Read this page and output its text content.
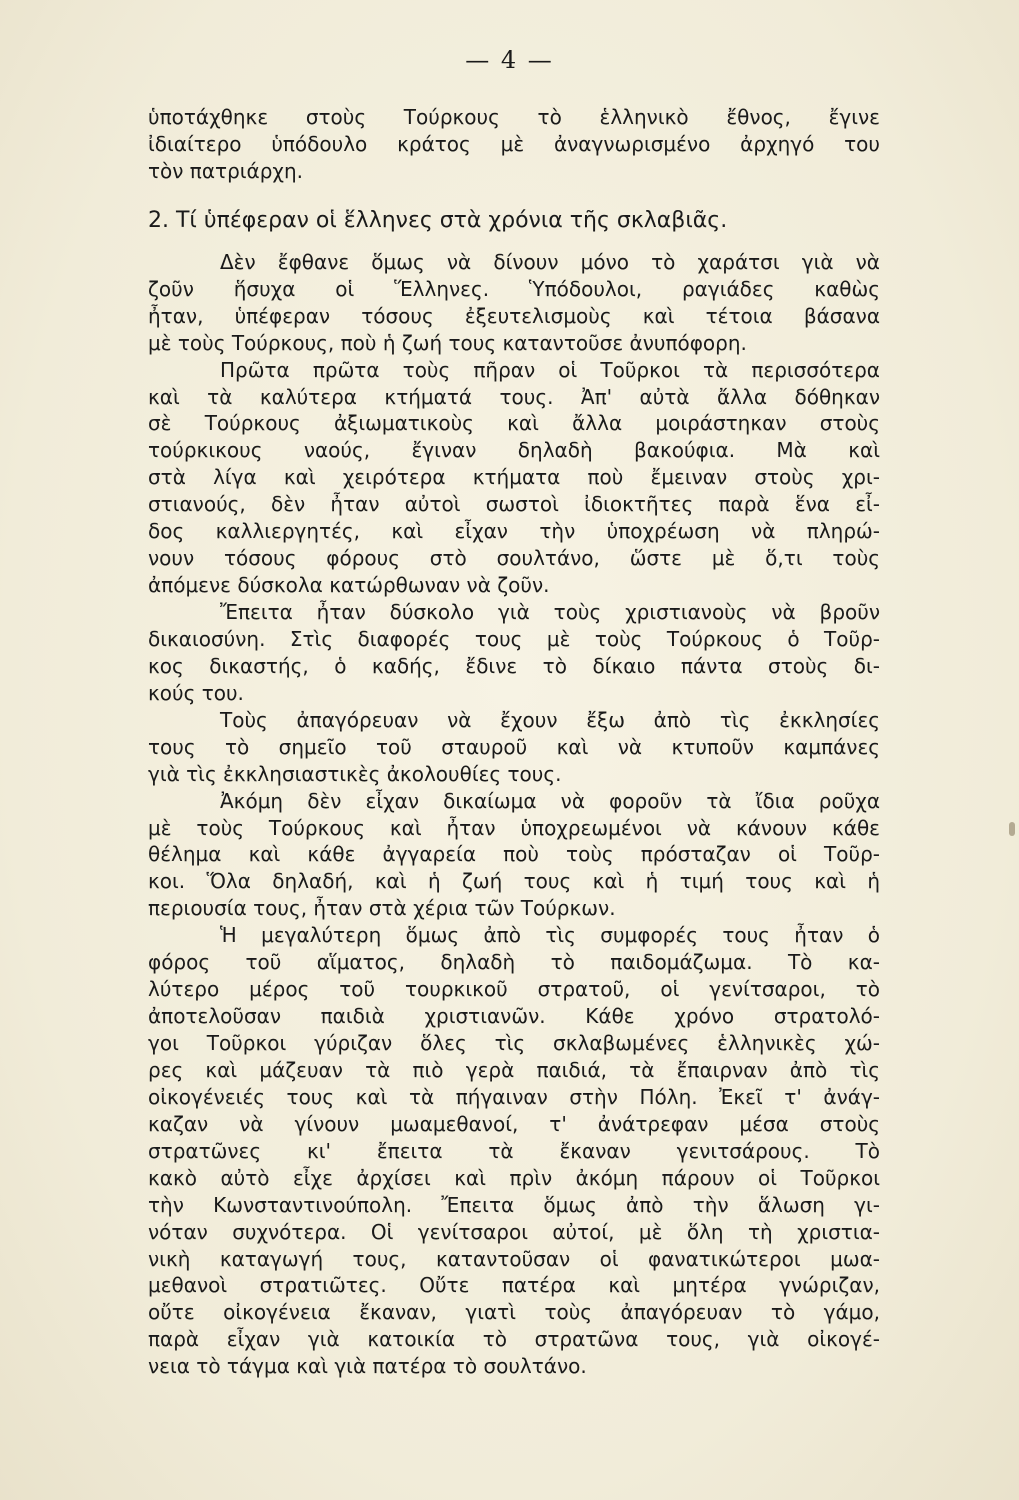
— 4 —
ὑποτάχθηκε στοὺς Τούρκους τὸ ἑλληνικὸ ἔθνος, ἔγινε
ἰδιαίτερο ὑπόδουλο κράτος μὲ ἀναγνωρισμένο ἀρχηγό του
τὸν πατριάρχη.
2. Τί ὑπέφεραν οἱ ἕλληνες στὰ χρόνια τῆς σκλαβιᾶς.
Δὲν ἔφθανε ὅμως νὰ δίνουν μόνο τὸ χαράτσι γιὰ νὰ
ζοῦν ἥσυχα οἱ Ἕλληνες. Ὑπόδουλοι, ραγιάδες καθὼς
ἦταν, ὑπέφεραν τόσους ἐξευτελισμοὺς καὶ τέτοια βάσανα
μὲ τοὺς Τούρκους, ποὺ ἡ ζωή τους καταντοῦσε ἀνυπόφορη.
Πρῶτα πρῶτα τοὺς πῆραν οἱ Τοῦρκοι τὰ περισσότερα
καὶ τὰ καλύτερα κτήματά τους. Ἀπ' αὐτὰ ἄλλα δόθηκαν
σὲ Τούρκους ἀξιωματικοὺς καὶ ἄλλα μοιράστηκαν στοὺς
τούρκικους ναούς, ἔγιναν δηλαδὴ βακούφια. Μὰ καὶ
στὰ λίγα καὶ χειρότερα κτήματα ποὺ ἔμειναν στοὺς χρι-
στιανούς, δὲν ἦταν αὐτοὶ σωστοὶ ἰδιοκτῆτες παρὰ ἕνα εἶ-
δος καλλιεργητές, καὶ εἶχαν τὴν ὑποχρέωση νὰ πληρώ-
νουν τόσους φόρους στὸ σουλτάνο, ὥστε μὲ ὅ,τι τοὺς
ἀπόμενε δύσκολα κατώρθωναν νὰ ζοῦν.
Ἔπειτα ἦταν δύσκολο γιὰ τοὺς χριστιανοὺς νὰ βροῦν
δικαιοσύνη. Στὶς διαφορές τους μὲ τοὺς Τούρκους ὁ Τοῦρ-
κος δικαστής, ὁ καδής, ἔδινε τὸ δίκαιο πάντα στοὺς δι-
κούς του.
Τοὺς ἀπαγόρευαν νὰ ἔχουν ἔξω ἀπὸ τὶς ἐκκλησίες
τους τὸ σημεῖο τοῦ σταυροῦ καὶ νὰ κτυποῦν καμπάνες
γιὰ τὶς ἐκκλησιαστικὲς ἀκολουθίες τους.
Ἀκόμη δὲν εἶχαν δικαίωμα νὰ φοροῦν τὰ ἴδια ροῦχα
μὲ τοὺς Τούρκους καὶ ἦταν ὑποχρεωμένοι νὰ κάνουν κάθε
θέλημα καὶ κάθε ἀγγαρεία ποὺ τοὺς πρόσταζαν οἱ Τοῦρ-
κοι. Ὅλα δηλαδή, καὶ ἡ ζωή τους καὶ ἡ τιμή τους καὶ ἡ
περιουσία τους, ἦταν στὰ χέρια τῶν Τούρκων.
Ἡ μεγαλύτερη ὅμως ἀπὸ τὶς συμφορές τους ἦταν ὁ
φόρος τοῦ αἵματος, δηλαδὴ τὸ παιδομάζωμα. Τὸ κα-
λύτερο μέρος τοῦ τουρκικοῦ στρατοῦ, οἱ γενίτσαροι, τὸ
ἀποτελοῦσαν παιδιὰ χριστιανῶν. Κάθε χρόνο στρατολό-
γοι Τοῦρκοι γύριζαν ὅλες τὶς σκλαβωμένες ἑλληνικὲς χώ-
ρες καὶ μάζευαν τὰ πιὸ γερὰ παιδιά, τὰ ἔπαιρναν ἀπὸ τὶς
οἰκογένειές τους καὶ τὰ πήγαιναν στὴν Πόλη. Ἐκεῖ τ' ἀνάγ-
καζαν νὰ γίνουν μωαμεθανοί, τ' ἀνάτρεφαν μέσα στοὺς
στρατῶνες κι' ἔπειτα τὰ ἔκαναν γενιτσάρους. Τὸ
κακὸ αὐτὸ εἶχε ἀρχίσει καὶ πρὶν ἀκόμη πάρουν οἱ Τοῦρκοι
τὴν Κωνσταντινούπολη. Ἔπειτα ὅμως ἀπὸ τὴν ἅλωση γι-
νόταν συχνότερα. Οἱ γενίτσαροι αὐτοί, μὲ ὅλη τὴ χριστια-
νικὴ καταγωγή τους, καταντοῦσαν οἱ φανατικώτεροι μωα-
μεθανοὶ στρατιῶτες. Οὔτε πατέρα καὶ μητέρα γνώριζαν,
οὔτε οἰκογένεια ἔκαναν, γιατὶ τοὺς ἀπαγόρευαν τὸ γάμο,
παρὰ εἶχαν γιὰ κατοικία τὸ στρατῶνα τους, γιὰ οἰκογέ-
νεια τὸ τάγμα καὶ γιὰ πατέρα τὸ σουλτάνο.
